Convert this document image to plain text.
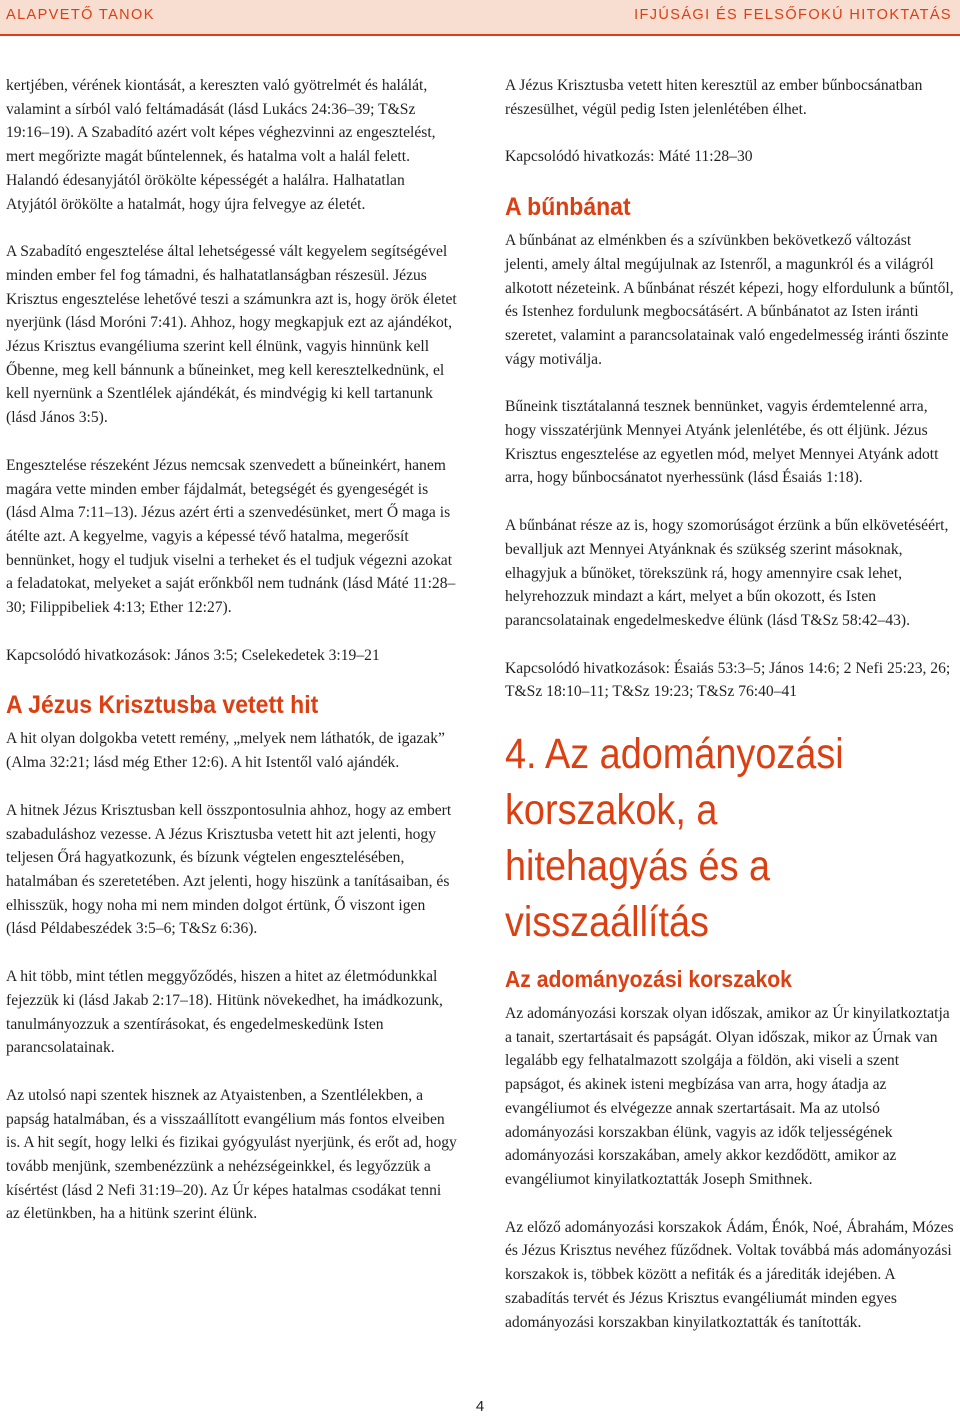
ALAPVETŐ TANOK	IFJÚSÁGI ÉS FELSŐFOKÚ HITOKTATÁS

kertjében, vérének kiontását, a kereszten való gyötrelmét és halálát, valamint a sírból való feltámadását (lásd Lukács 24:36–39; T&Sz 19:16–19). A Szabadító azért volt képes véghezvinni az engesztelést, mert megőrizte magát bűntelennek, és hatalma volt a halál felett. Halandó édesanyjától örökölte képességét a halálra. Halhatatlan Atyjától örökölte a hatalmát, hogy újra felvegye az életét.

A Szabadító engesztelése által lehetségessé vált kegyelem segítségével minden ember fel fog támadni, és halhatatlanságban részesül. Jézus Krisztus engesztelése lehetővé teszi a számunkra azt is, hogy örök életet nyerjünk (lásd Moróni 7:41). Ahhoz, hogy megkapjuk ezt az ajándékot, Jézus Krisztus evangéliuma szerint kell élnünk, vagyis hinnünk kell Őbenne, meg kell bánnunk a bűneinket, meg kell keresztelkednünk, el kell nyernünk a Szentlélek ajándékát, és mindvégig ki kell tartanunk (lásd János 3:5).

Engesztelése részeként Jézus nemcsak szenvedett a bűneinkért, hanem magára vette minden ember fájdalmát, betegségét és gyengeségét is (lásd Alma 7:11–13). Jézus azért érti a szenvedésünket, mert Ő maga is átélte azt. A kegyelme, vagyis a képessé tévő hatalma, megerősít bennünket, hogy el tudjuk viselni a terheket és el tudjuk végezni azokat a feladatokat, melyeket a saját erőnkből nem tudnánk (lásd Máté 11:28–30; Filippibeliek 4:13; Ether 12:27).

Kapcsolódó hivatkozások: János 3:5; Cselekedetek 3:19–21

A Jézus Krisztusba vetett hit

A hit olyan dolgokba vetett remény, „melyek nem láthatók, de igazak” (Alma 32:21; lásd még Ether 12:6). A hit Istentől való ajándék.

A hitnek Jézus Krisztusban kell összpontosulnia ahhoz, hogy az embert szabaduláshoz vezesse. A Jézus Krisztusba vetett hit azt jelenti, hogy teljesen Őrá hagyatkozunk, és bízunk végtelen engesztelésében, hatalmában és szeretetében. Azt jelenti, hogy hiszünk a tanításaiban, és elhisszük, hogy noha mi nem minden dolgot értünk, Ő viszont igen (lásd Példabeszédek 3:5–6; T&Sz 6:36).

A hit több, mint tétlen meggyőződés, hiszen a hitet az életmódunkkal fejezzük ki (lásd Jakab 2:17–18). Hitünk növekedhet, ha imádkozunk, tanulmányozzuk a szentírásokat, és engedelmeskedünk Isten parancsolatainak.

Az utolsó napi szentek hisznek az Atyaistenben, a Szentlélekben, a papság hatalmában, és a visszaállított evangélium más fontos elveiben is. A hit segít, hogy lelki és fizikai gyógyulást nyerjünk, és erőt ad, hogy tovább menjünk, szembenézzünk a nehézségeinkkel, és legyőzzük a kísértést (lásd 2 Nefi 31:19–20). Az Úr képes hatalmas csodákat tenni az életünkben, ha a hitünk szerint élünk.

A Jézus Krisztusba vetett hiten keresztül az ember bűnbocsánatban részesülhet, végül pedig Isten jelenlétében élhet.

Kapcsolódó hivatkozás: Máté 11:28–30

A bűnbánat

A bűnbánat az elménkben és a szívünkben bekövetkező változást jelenti, amely által megújulnak az Istenről, a magunkról és a világról alkotott nézeteink. A bűnbánat részét képezi, hogy elfordulunk a bűntől, és Istenhez fordulunk megbocsátásért. A bűnbánatot az Isten iránti szeretet, valamint a parancsolatainak való engedelmesség iránti őszinte vágy motiválja.

Bűneink tisztátalanná tesznek bennünket, vagyis érdemtelenné arra, hogy visszatérjünk Mennyei Atyánk jelenlétébe, és ott éljünk. Jézus Krisztus engesztelése az egyetlen mód, melyet Mennyei Atyánk adott arra, hogy bűnbocsánatot nyerhessünk (lásd Ésaiás 1:18).

A bűnbánat része az is, hogy szomorúságot érzünk a bűn elkövetéséért, bevalljuk azt Mennyei Atyánknak és szükség szerint másoknak, elhagyjuk a bűnöket, törekszünk rá, hogy amennyire csak lehet, helyrehozzuk mindazt a kárt, melyet a bűn okozott, és Isten parancsolatainak engedelmeskedve élünk (lásd T&Sz 58:42–43).

Kapcsolódó hivatkozások: Ésaiás 53:3–5; János 14:6; 2 Nefi 25:23, 26; T&Sz 18:10–11; T&Sz 19:23; T&Sz 76:40–41

4. Az adományozási korszakok, a hitehagyás és a visszaállítás
Az adományozási korszakok

Az adományozási korszak olyan időszak, amikor az Úr kinyilatkoztatja a tanait, szertartásait és papságát. Olyan időszak, mikor az Úrnak van legalább egy felhatalmazott szolgája a földön, aki viseli a szent papságot, és akinek isteni megbízása van arra, hogy átadja az evangéliumot és elvégezze annak szertartásait. Ma az utolsó adományozási korszakban élünk, vagyis az idők teljességének adományozási korszakában, amely akkor kezdődött, amikor az evangéliumot kinyilatkoztatták Joseph Smithnek.

Az előző adományozási korszakok Ádám, Énók, Noé, Ábrahám, Mózes és Jézus Krisztus nevéhez fűződnek. Voltak továbbá más adományozási korszakok is, többek között a nefiták és a járediták idejében. A szabadítás tervét és Jézus Krisztus evangéliumát minden egyes adományozási korszakban kinyilatkoztatták és tanították.

4
